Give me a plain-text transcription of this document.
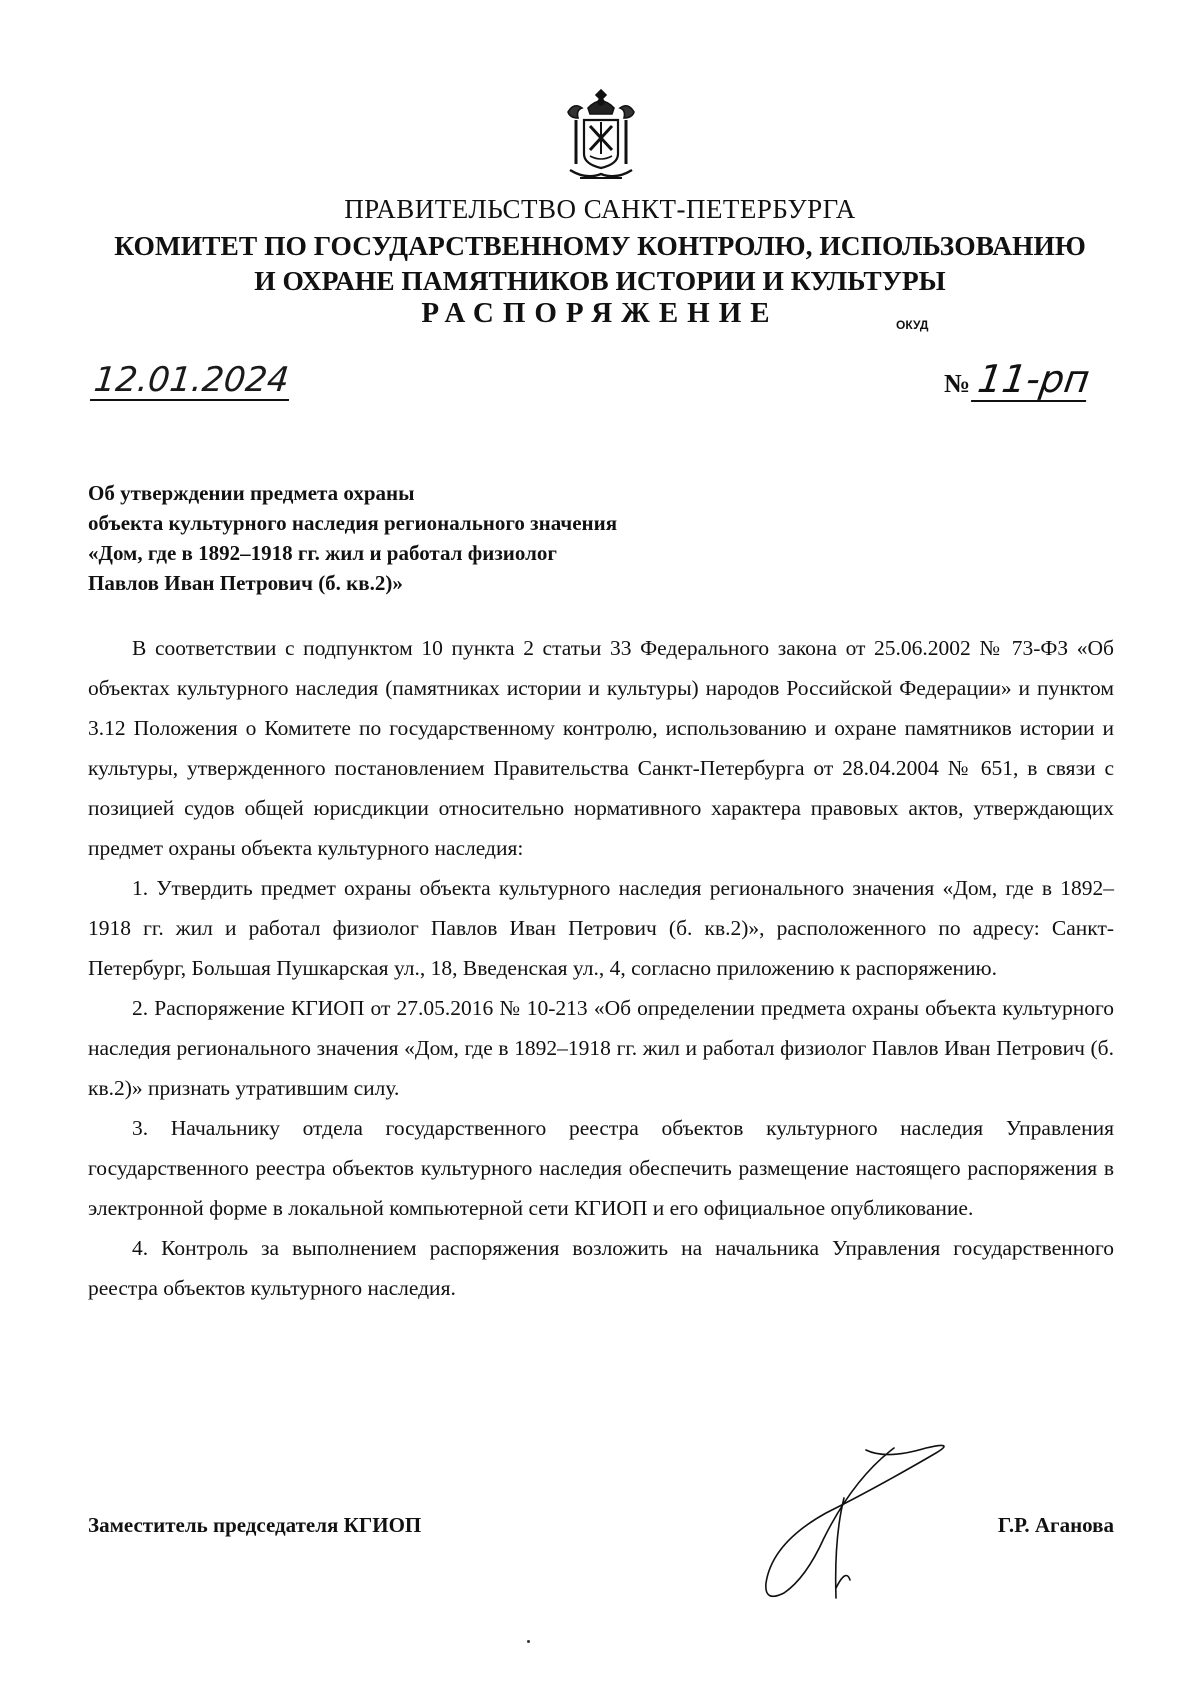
ПРАВИТЕЛЬСТВО САНКТ-ПЕТЕРБУРГА
КОМИТЕТ ПО ГОСУДАРСТВЕННОМУ КОНТРОЛЮ, ИСПОЛЬЗОВАНИЮ
И ОХРАНЕ ПАМЯТНИКОВ ИСТОРИИ И КУЛЬТУРЫ
РАСПОРЯЖЕНИЕ	ОКУД
12.01.2024	№ 11-рп
Об утверждении предмета охраны
объекта культурного наследия регионального значения
«Дом, где в 1892–1918 гг. жил и работал физиолог
Павлов Иван Петрович (б. кв.2)»

В соответствии с подпунктом 10 пункта 2 статьи 33 Федерального закона от 25.06.2002 № 73-ФЗ «Об объектах культурного наследия (памятниках истории и культуры) народов Российской Федерации» и пунктом 3.12 Положения о Комитете по государственному контролю, использованию и охране памятников истории и культуры, утвержденного постановлением Правительства Санкт-Петербурга от 28.04.2004 № 651, в связи с позицией судов общей юрисдикции относительно нормативного характера правовых актов, утверждающих предмет охраны объекта культурного наследия:

1. Утвердить предмет охраны объекта культурного наследия регионального значения «Дом, где в 1892–1918 гг. жил и работал физиолог Павлов Иван Петрович (б. кв.2)», расположенного по адресу: Санкт-Петербург, Большая Пушкарская ул., 18, Введенская ул., 4, согласно приложению к распоряжению.

2. Распоряжение КГИОП от 27.05.2016 № 10-213 «Об определении предмета охраны объекта культурного наследия регионального значения «Дом, где в 1892–1918 гг. жил и работал физиолог Павлов Иван Петрович (б. кв.2)» признать утратившим силу.

3. Начальнику отдела государственного реестра объектов культурного наследия Управления государственного реестра объектов культурного наследия обеспечить размещение настоящего распоряжения в электронной форме в локальной компьютерной сети КГИОП и его официальное опубликование.

4. Контроль за выполнением распоряжения возложить на начальника Управления государственного реестра объектов культурного наследия.

Заместитель председателя КГИОП	Г.Р. Аганова
